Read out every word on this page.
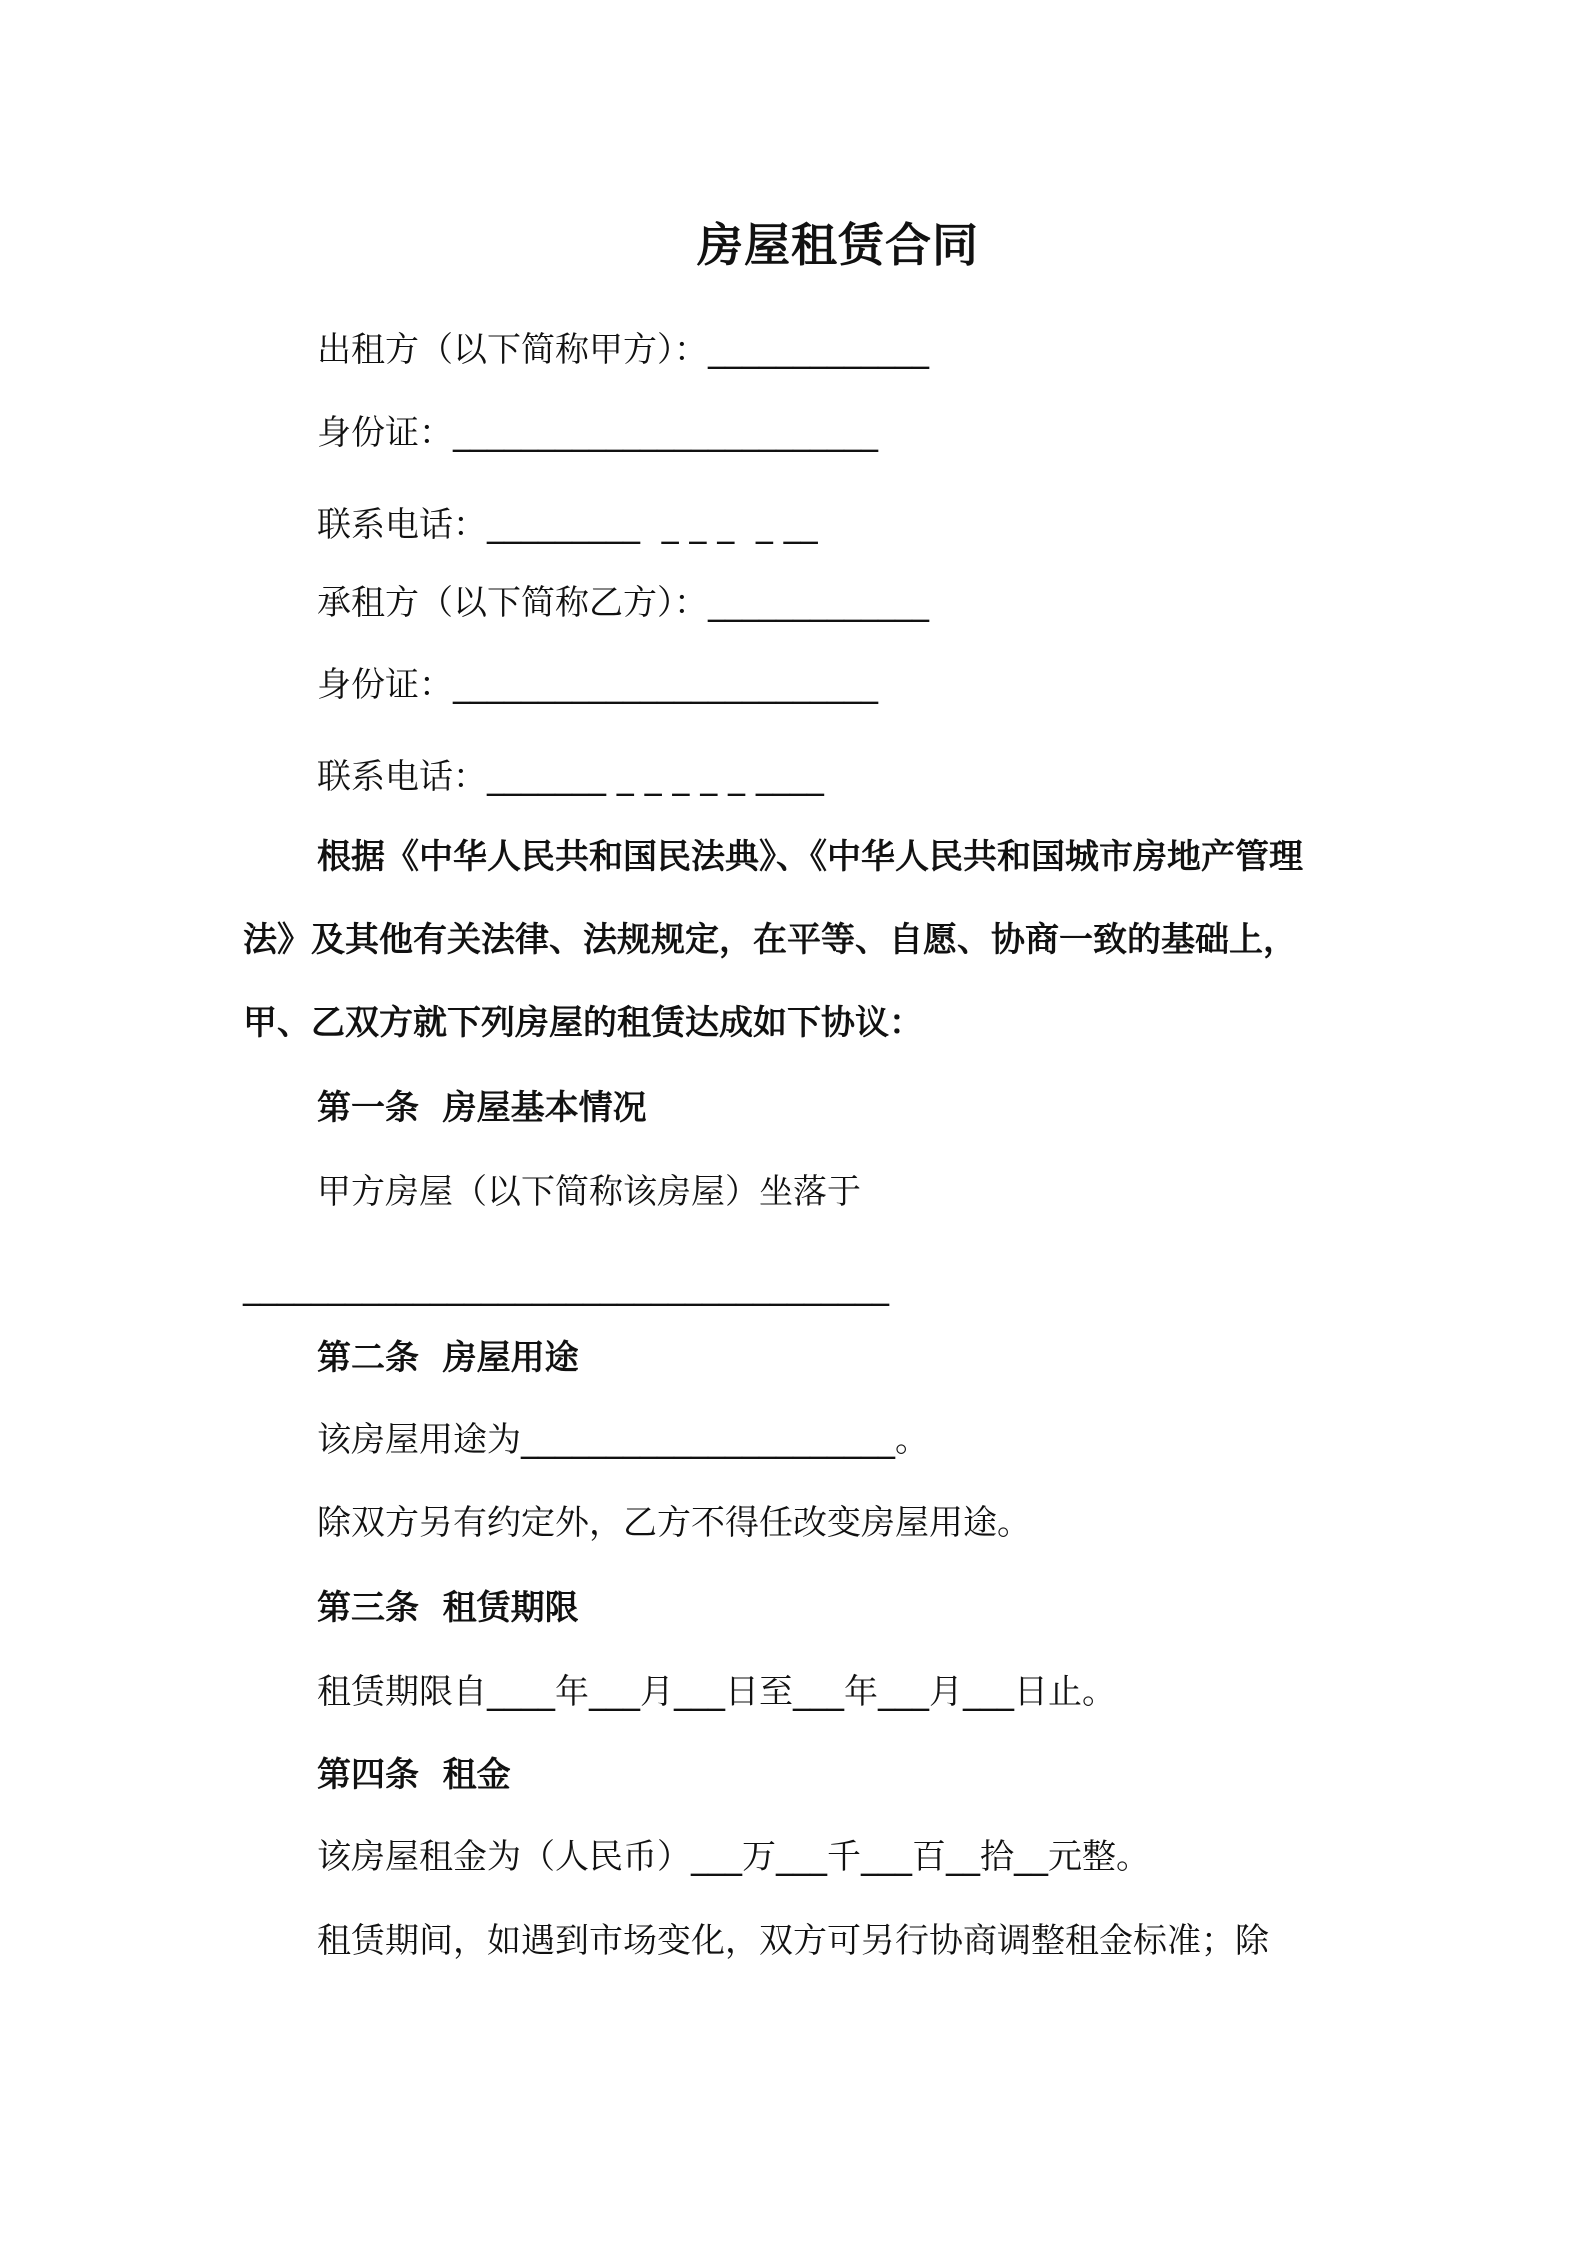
房屋租赁合同
出租方（以下简称甲方）：_____________
身份证：_________________________
联系电话：_________  _ _ _  _ __
承租方（以下简称乙方）：_____________
身份证：_________________________
联系电话：_______ _ _ _ _ _ ____
根据《中华人民共和国民法典》、《中华人民共和国城市房地产管理
法》及其他有关法律、法规规定，在平等、自愿、协商一致的基础上，
甲、乙双方就下列房屋的租赁达成如下协议：
第一条  房屋基本情况
甲方房屋（以下简称该房屋）坐落于
______________________________________
第二条  房屋用途
该房屋用途为______________________。
除双方另有约定外，乙方不得任改变房屋用途。
第三条  租赁期限
租赁期限自____年___月___日至___年___月___日止。
第四条  租金
该房屋租金为（人民币）___万___千___百__拾__元整。
租赁期间，如遇到市场变化，双方可另行协商调整租金标准；除
